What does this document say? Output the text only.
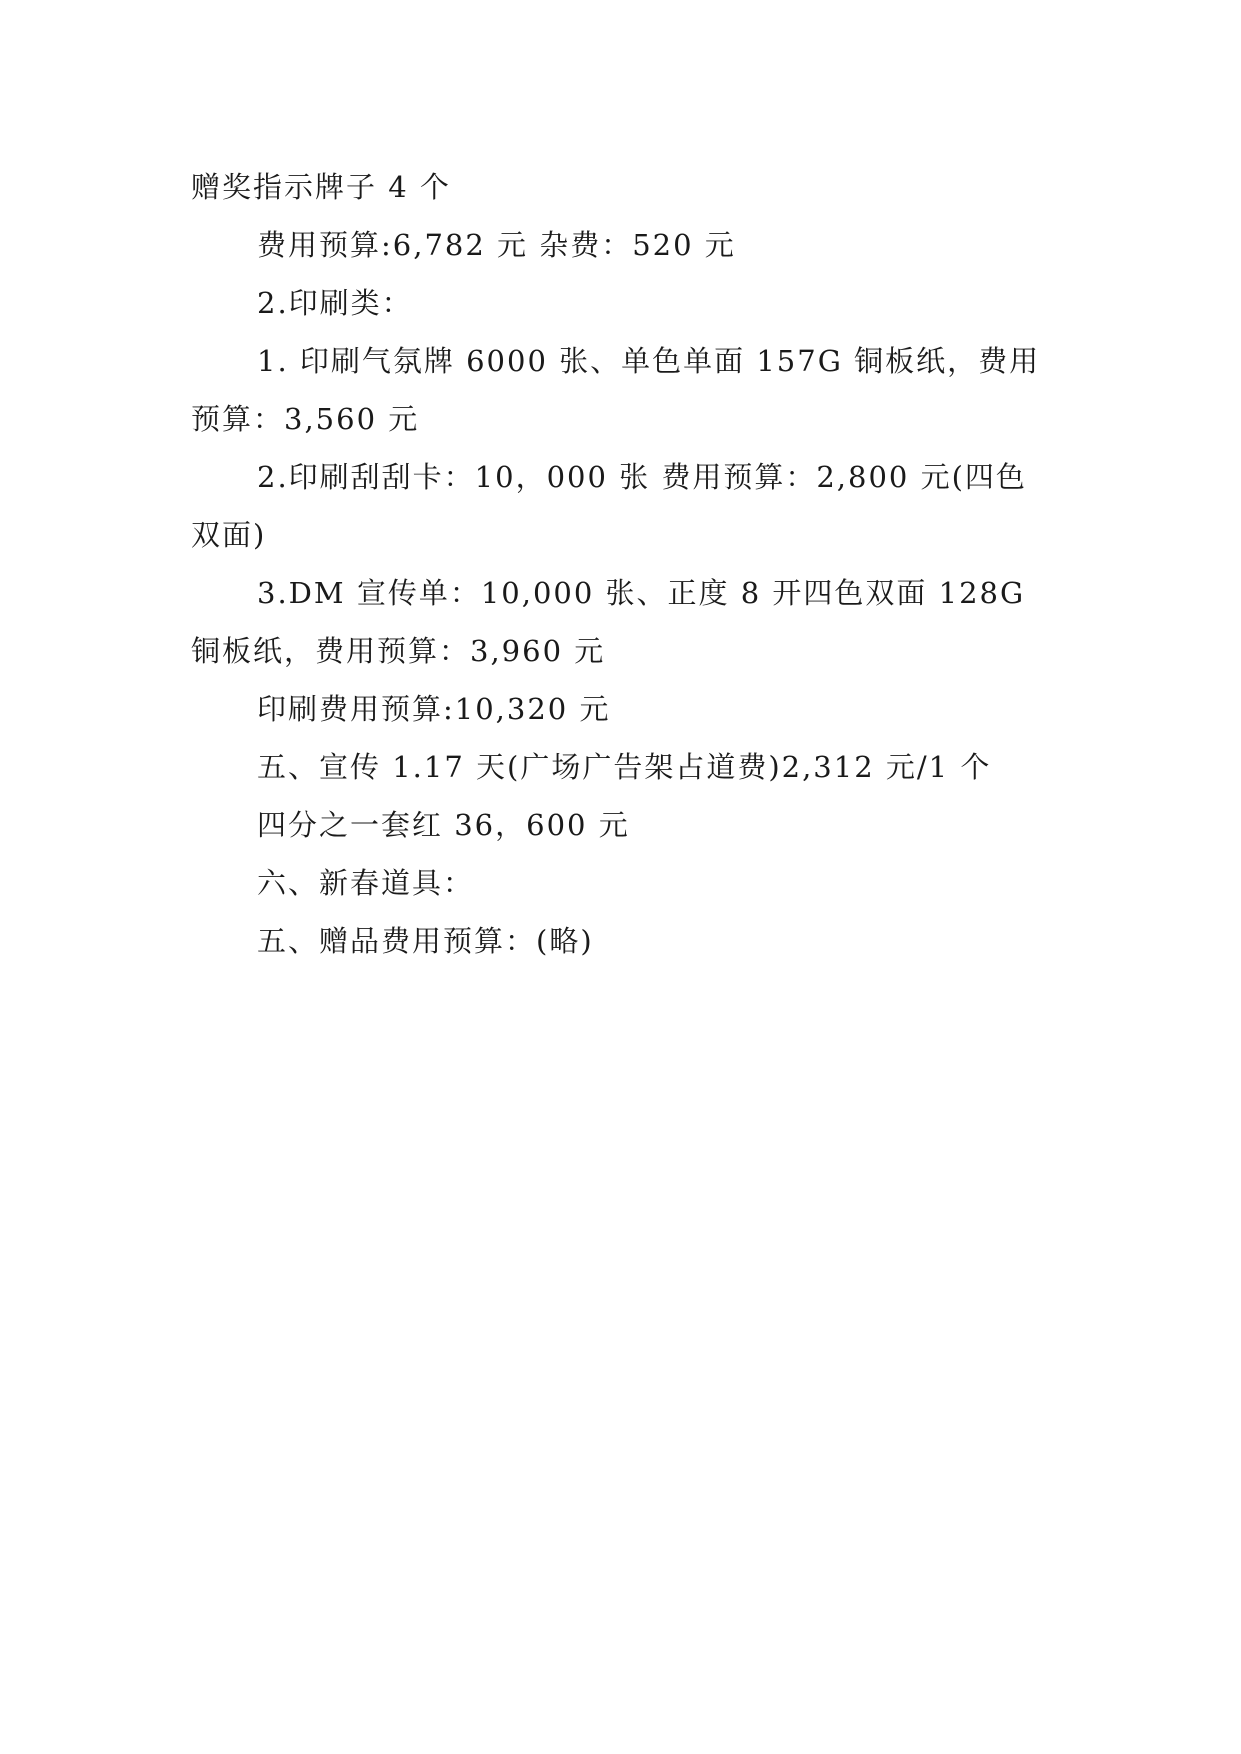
赠奖指示牌子 4 个

费用预算:6,782 元 杂费：520 元

2.印刷类：

1. 印刷气氛牌 6000 张、单色单面 157G 铜板纸，费用预算：3,560 元

2.印刷刮刮卡：10，000 张 费用预算：2,800 元(四色双面)

3.DM 宣传单：10,000 张、正度 8 开四色双面 128G 铜板纸，费用预算：3,960 元

印刷费用预算:10,320 元

五、宣传 1.17 天(广场广告架占道费)2,312 元/1 个

四分之一套红 36，600 元

六、新春道具：

五、赠品费用预算：(略)
